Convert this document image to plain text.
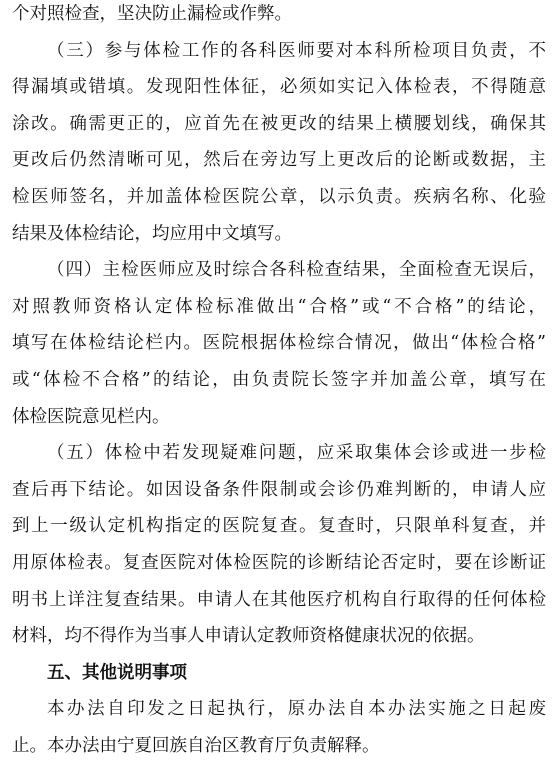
个对照检查，坚决防止漏检或作弊。
（三）参与体检工作的各科医师要对本科所检项目负责，不
得漏填或错填。发现阳性体征，必须如实记入体检表，不得随意
涂改。确需更正的，应首先在被更改的结果上横腰划线，确保其
更改后仍然清晰可见，然后在旁边写上更改后的论断或数据，主
检医师签名，并加盖体检医院公章，以示负责。疾病名称、化验
结果及体检结论，均应用中文填写。
（四）主检医师应及时综合各科检查结果，全面检查无误后，
对照教师资格认定体检标准做出“合格”或“不合格”的结论，
填写在体检结论栏内。医院根据体检综合情况，做出“体检合格”
或“体检不合格”的结论，由负责院长签字并加盖公章，填写在
体检医院意见栏内。
（五）体检中若发现疑难问题，应采取集体会诊或进一步检
查后再下结论。如因设备条件限制或会诊仍难判断的，申请人应
到上一级认定机构指定的医院复查。复查时，只限单科复查，并
用原体检表。复查医院对体检医院的诊断结论否定时，要在诊断证
明书上详注复查结果。申请人在其他医疗机构自行取得的任何体检
材料，均不得作为当事人申请认定教师资格健康状况的依据。
五、其他说明事项
本办法自印发之日起执行，原办法自本办法实施之日起废
止。本办法由宁夏回族自治区教育厅负责解释。
